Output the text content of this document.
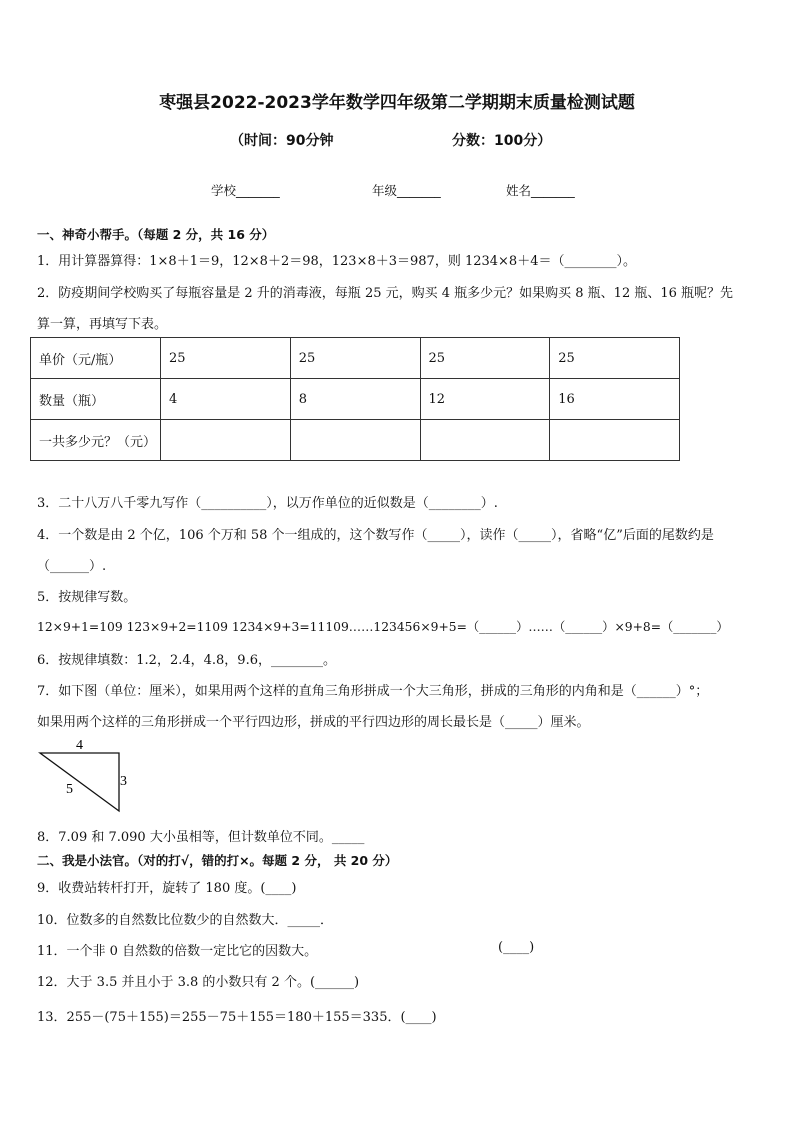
枣强县2022-2023学年数学四年级第二学期期末质量检测试题
（时间：90分钟	分数：100分）
学校_______	年级_______	姓名_______
一、神奇小帮手。（每题 2 分，共 16 分）
1．用计算器算得：1×8＋1＝9，12×8＋2＝98，123×8＋3＝987，则 1234×8＋4＝（________）。
2．防疫期间学校购买了每瓶容量是 2 升的消毒液，每瓶 25 元，购买 4 瓶多少元？如果购买 8 瓶、12 瓶、16 瓶呢？先
算一算，再填写下表。
单价（元/瓶）	25	25	25	25
数量（瓶）	4	8	12	16
一共多少元？（元）				
3．二十八万八千零九写作（__________），以万作单位的近似数是（________）.
4．一个数是由 2 个亿，106 个万和 58 个一组成的，这个数写作（_____），读作（_____），省略“亿”后面的尾数约是
（______）.
5．按规律写数。
12×9+1=109 123×9+2=1109 1234×9+3=11109……123456×9+5=（______）……（______）×9+8=（_______）
6．按规律填数：1.2，2.4，4.8，9.6，________。
7．如下图（单位：厘米），如果用两个这样的直角三角形拼成一个大三角形，拼成的三角形的内角和是（______）°；
如果用两个这样的三角形拼成一个平行四边形，拼成的平行四边形的周长最长是（_____）厘米。
4
3
5
8．7.09 和 7.090 大小虽相等，但计数单位不同。_____
二、我是小法官。（对的打√，错的打×。每题 2 分， 共 20 分）
9．收费站转杆打开，旋转了 180 度。(____)
10．位数多的自然数比位数少的自然数大．_____．
11．一个非 0 自然数的倍数一定比它的因数大。	(____)
12．大于 3.5 并且小于 3.8 的小数只有 2 个。(______)
13．255－(75＋155)＝255－75＋155＝180＋155＝335．(____)
